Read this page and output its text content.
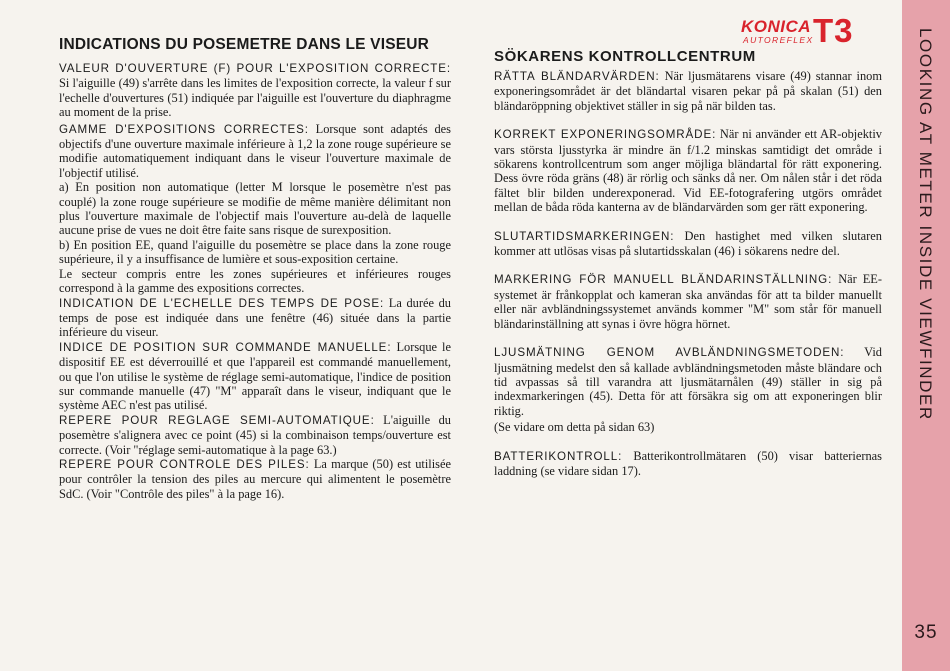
INDICATIONS DU POSEMETRE DANS LE VISEUR

VALEUR D'OUVERTURE (F) POUR L'EXPOSITION CORRECTE: Si l'aiguille (49) s'arrête dans les limites de l'exposition correcte, la valeur f sur l'echelle d'ouvertures (51) indiquée par l'aiguille est l'ouverture du diaphragme au moment de la prise.

GAMME D'EXPOSITIONS CORRECTES: Lorsque sont adaptés des objectifs d'une ouverture maximale inférieure à 1,2 la zone rouge supérieure se modifie automatiquement indiquant dans le viseur l'ouverture maximale de l'objectif utilisé.

a) En position non automatique (letter M lorsque le posemètre n'est pas couplé) la zone rouge supérieure se modifie de même manière délimitant non plus l'ouverture maximale de l'objectif mais l'ouverture au-delà de laquelle aucune prise de vues ne doit être faite sans risque de surexposition.

b) En position EE, quand l'aiguille du posemètre se place dans la zone rouge supérieure, il y a insuffisance de lumière et sous-exposition certaine.

Le secteur compris entre les zones supérieures et inférieures rouges correspond à la gamme des expositions correctes.

INDICATION DE L'ECHELLE DES TEMPS DE POSE: La durée du temps de pose est indiquée dans une fenêtre (46) située dans la partie inférieure du viseur.

INDICE DE POSITION SUR COMMANDE MANUELLE: Lorsque le dispositif EE est déverrouillé et que l'appareil est commandé manuellement, ou que l'on utilise le système de réglage semi-automatique, l'indice de position sur commande manuelle (47) "M" apparaît dans le viseur, indiquant que le système AEC n'est pas utilisé.

REPERE POUR REGLAGE SEMI-AUTOMATIQUE: L'aiguille du posemètre s'alignera avec ce point (45) si la combinaison temps/ouverture est correcte. (Voir "réglage semi-automatique à la page 63.)

REPERE POUR CONTROLE DES PILES: La marque (50) est utilisée pour contrôler la tension des piles au mercure qui alimentent le posemètre SdC. (Voir "Contrôle des piles" à la page 16).

KONICA
AUTOREFLEX T3
SÖKARENS KONTROLLCENTRUM

RÄTTA BLÄNDARVÄRDEN: När ljusmätarens visare (49) stannar inom exponeringsområdet är det bländartal visaren pekar på på skalan (51) den bländaröppning objektivet ställer in sig på när bilden tas.

KORREKT EXPONERINGSOMRÅDE: När ni använder ett AR-objektiv vars största ljusstyrka är mindre än f/1.2 minskas samtidigt det område i sökarens kontrollcentrum som anger möjliga bländartal för rätt exponering. Dess övre röda gräns (48) är rörlig och sänks då ner. Om nålen står i det röda fältet blir bilden underexponerad. Vid EE-fotografering utgörs området mellan de båda röda kanterna av de bländarvärden som ger rätt exponering.

SLUTARTIDSMARKERINGEN: Den hastighet med vilken slutaren kommer att utlösas visas på slutartidsskalan (46) i sökarens nedre del.

MARKERING FÖR MANUELL BLÄNDARINSTÄLLNING: När EE-systemet är frånkopplat och kameran ska användas för att ta bilder manuellt eller när avbländningssystemet används kommer "M" som står för manuell bländarinställning att synas i övre högra hörnet.

LJUSMÄTNING GENOM AVBLÄNDNINGSMETODEN: Vid ljusmätning medelst den så kallade avbländningsmetoden måste bländare och tid avpassas så till varandra att ljusmätarnålen (49) ställer in sig på indexmarkeringen (45). Detta för att försäkra sig om att exponeringen blir riktig.

(Se vidare om detta på sidan 63)

BATTERIKONTROLL: Batterikontrollmätaren (50) visar batteriernas laddning (se vidare sidan 17).

LOOKING AT METER INSIDE VIEWFINDER
35
